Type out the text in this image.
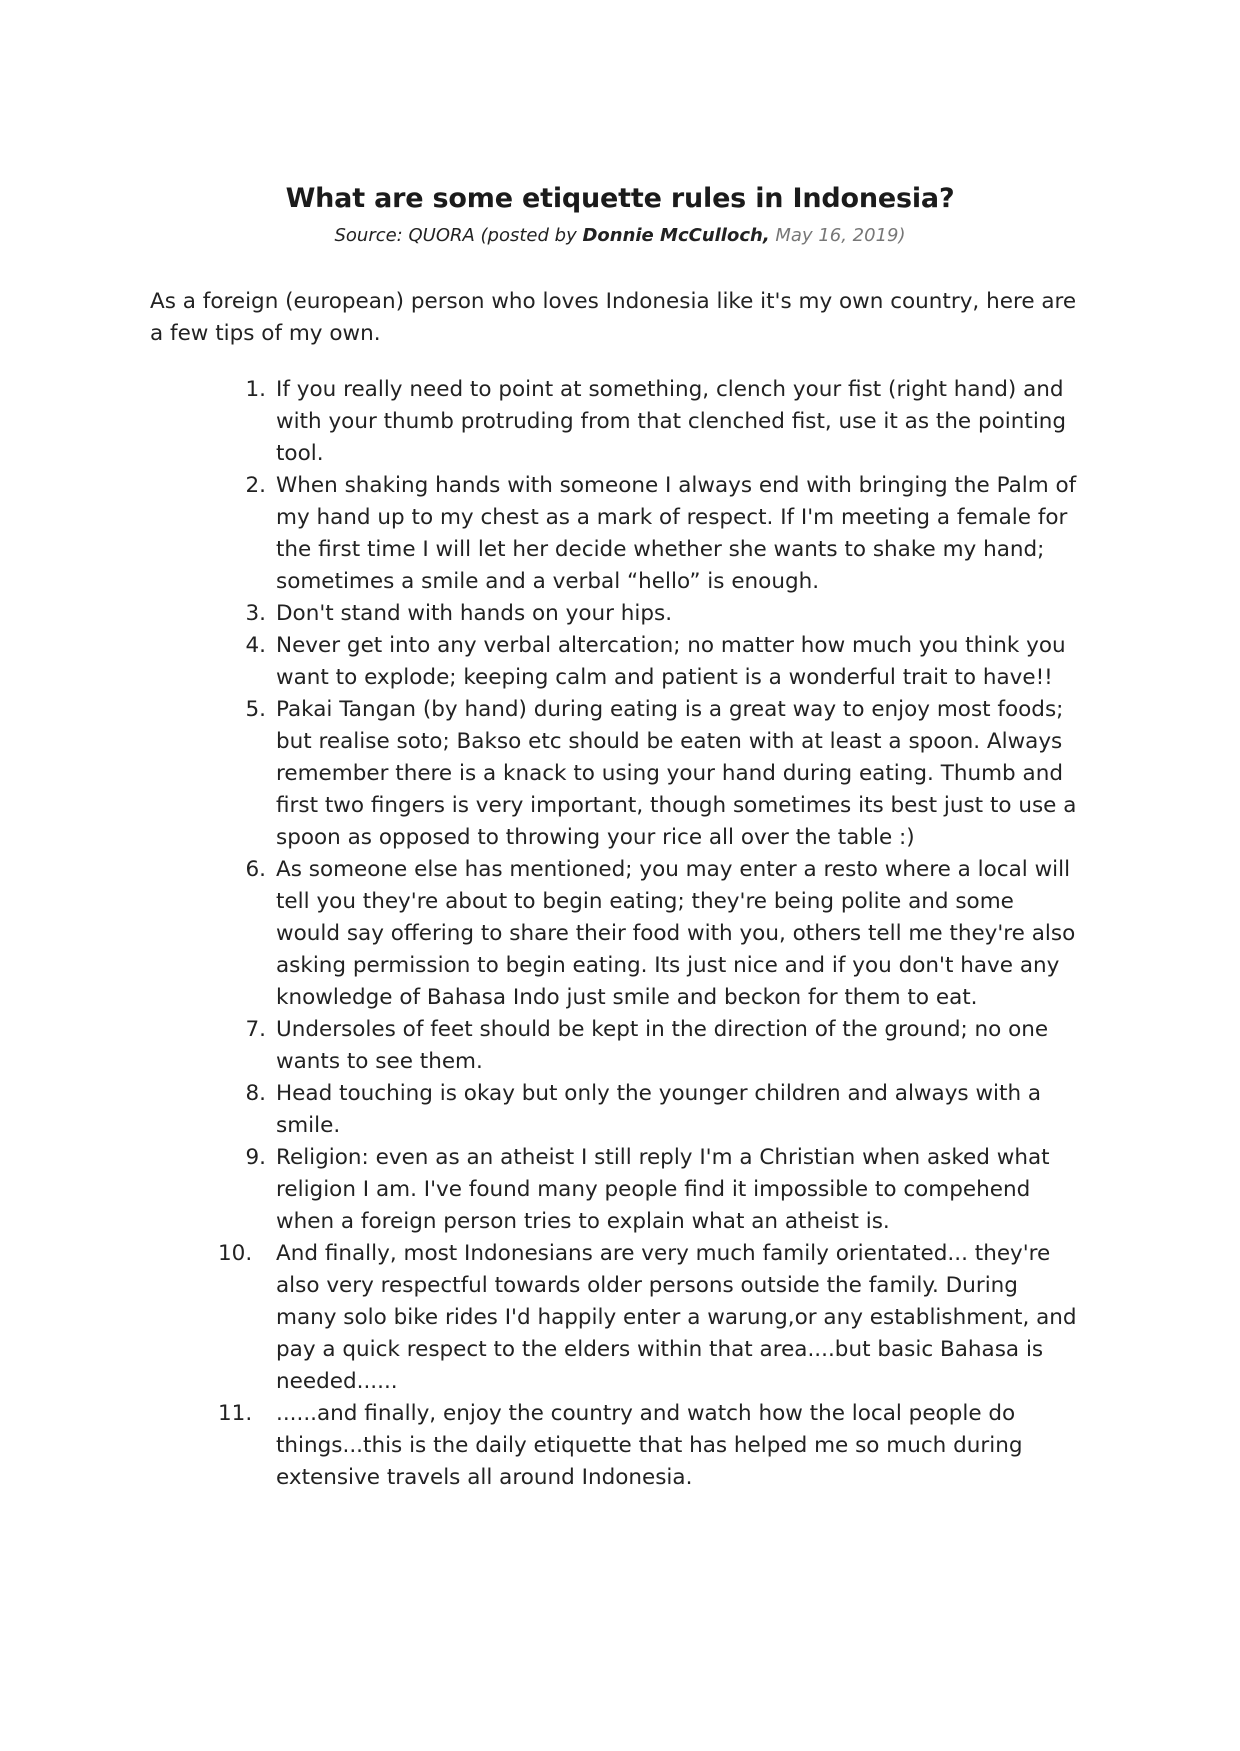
What are some etiquette rules in Indonesia?
Source: QUORA (posted by Donnie McCulloch, May 16, 2019)

As a foreign (european) person who loves Indonesia like it's my own country, here are a few tips of my own.

1. If you really need to point at something, clench your fist (right hand) and with your thumb protruding from that clenched fist, use it as the pointing tool.
2. When shaking hands with someone I always end with bringing the Palm of my hand up to my chest as a mark of respect. If I'm meeting a female for the first time I will let her decide whether she wants to shake my hand; sometimes a smile and a verbal “hello” is enough.
3. Don't stand with hands on your hips.
4. Never get into any verbal altercation; no matter how much you think you want to explode; keeping calm and patient is a wonderful trait to have!!
5. Pakai Tangan (by hand) during eating is a great way to enjoy most foods; but realise soto; Bakso etc should be eaten with at least a spoon. Always remember there is a knack to using your hand during eating. Thumb and first two fingers is very important, though sometimes its best just to use a spoon as opposed to throwing your rice all over the table :)
6. As someone else has mentioned; you may enter a resto where a local will tell you they're about to begin eating; they're being polite and some would say offering to share their food with you, others tell me they're also asking permission to begin eating. Its just nice and if you don't have any knowledge of Bahasa Indo just smile and beckon for them to eat.
7. Undersoles of feet should be kept in the direction of the ground; no one wants to see them.
8. Head touching is okay but only the younger children and always with a smile.
9. Religion: even as an atheist I still reply I'm a Christian when asked what religion I am. I've found many people find it impossible to compehend when a foreign person tries to explain what an atheist is.
10.	And finally, most Indonesians are very much family orientated... they're also very respectful towards older persons outside the family. During many solo bike rides I'd happily enter a warung,or any establishment, and pay a quick respect to the elders within that area....but basic Bahasa is needed......
11.	......and finally, enjoy the country and watch how the local people do things...this is the daily etiquette that has helped me so much during extensive travels all around Indonesia.
